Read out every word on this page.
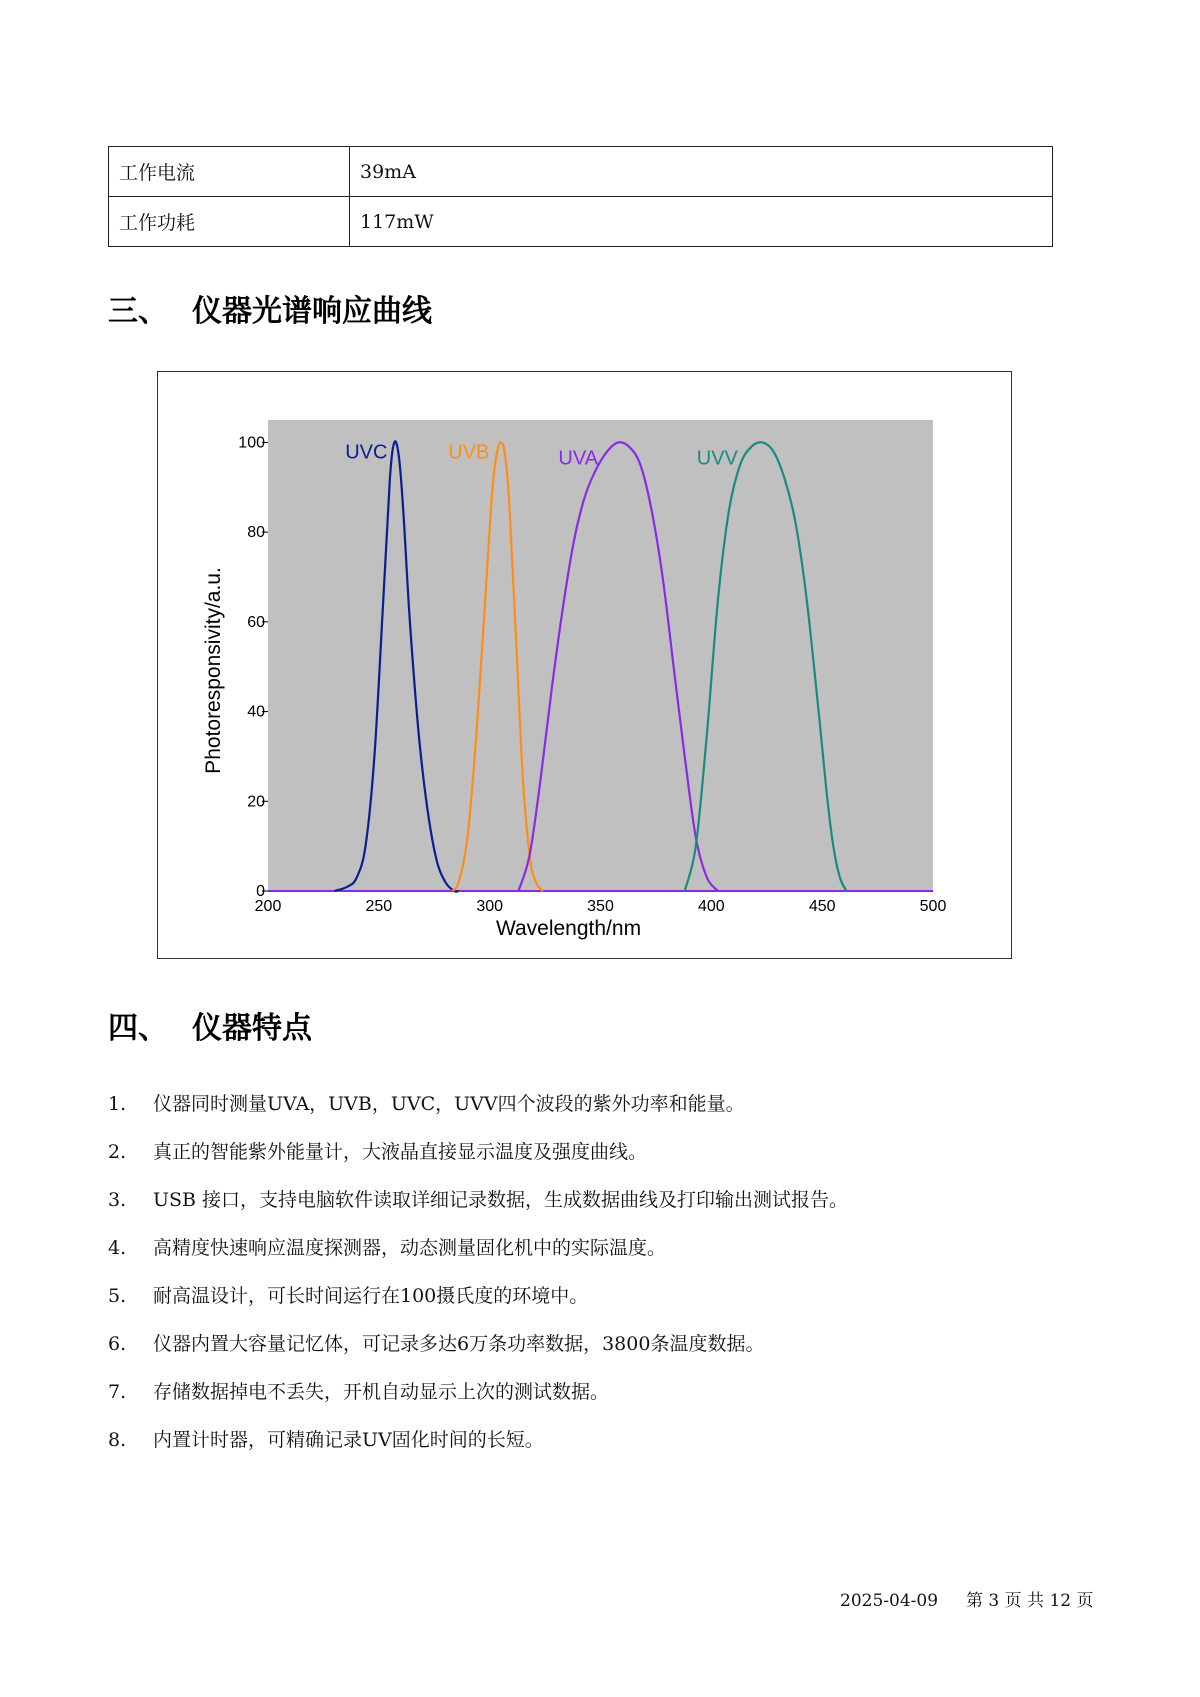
工作电流	39mA
工作功耗	117mW
三、 仪器光谱响应曲线
0
20
40
60
80
100
200	250	300	350	400	450	500
Wavelength/nm
Photoresponsivity/a.u.
UVC	UVB	UVA	UVV
四、 仪器特点
1. 仪器同时测量UVA，UVB，UVC，UVV四个波段的紫外功率和能量。
2. 真正的智能紫外能量计，大液晶直接显示温度及强度曲线。
3. USB 接口，支持电脑软件读取详细记录数据，生成数据曲线及打印输出测试报告。
4. 高精度快速响应温度探测器，动态测量固化机中的实际温度。
5. 耐高温设计，可长时间运行在100摄氏度的环境中。
6. 仪器内置大容量记忆体，可记录多达6万条功率数据，3800条温度数据。
7. 存储数据掉电不丢失，开机自动显示上次的测试数据。
8. 内置计时器，可精确记录UV固化时间的长短。
2025-04-09 第 3 页 共 12 页
